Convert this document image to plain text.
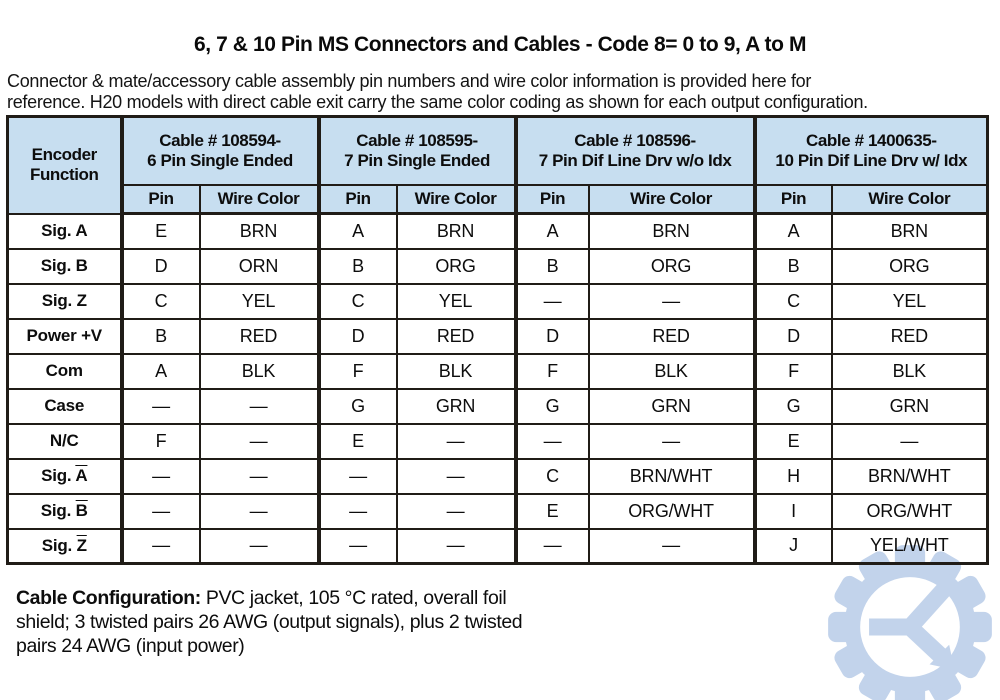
6, 7 & 10 Pin MS Connectors and Cables - Code 8= 0 to 9, A to M
Connector & mate/accessory cable assembly pin numbers and wire color information is provided here for
reference. H20 models with direct cable exit carry the same color coding as shown for each output configuration.
Encoder
Function

Cable # 108594-
6 Pin Single Ended

Cable # 108595-
7 Pin Single Ended

Cable # 108596-
7 Pin Dif Line Drv w/o Idx

Cable # 1400635-
10 Pin Dif Line Drv w/ Idx

	Pin	Wire Color	Pin	Wire Color	Pin	Wire Color	Pin	Wire Color
Sig. A	E	BRN	A	BRN	A	BRN	A	BRN
Sig. B	D	ORN	B	ORG	B	ORG	B	ORG
Sig. Z	C	YEL	C	YEL	—	—	C	YEL
Power +V	B	RED	D	RED	D	RED	D	RED
Com	A	BLK	F	BLK	F	BLK	F	BLK
Case	—	—	G	GRN	G	GRN	G	GRN
N/C	F	—	E	—	—	—	E	—
Sig. $\overline{A}$	—	—	—	—	C	BRN/WHT	H	BRN/WHT
Sig. $\overline{B}$	—	—	—	—	E	ORG/WHT	I	ORG/WHT
Sig. $\overline{Z}$	—	—	—	—	—	—	J	YEL/WHT
Cable Configuration: PVC jacket, 105 °C rated, overall foil
shield; 3 twisted pairs 26 AWG (output signals), plus 2 twisted
pairs 24 AWG (input power)
